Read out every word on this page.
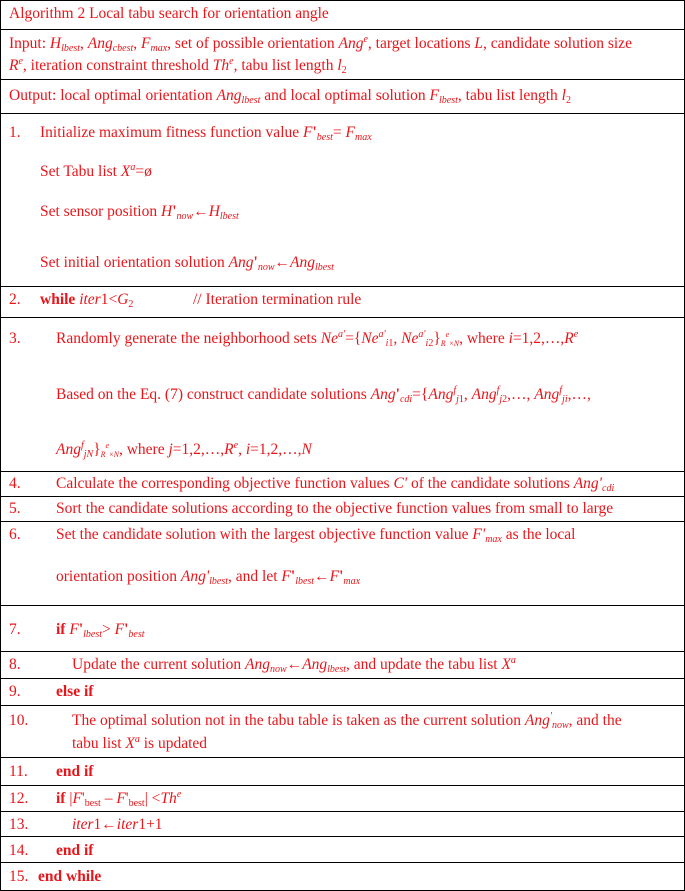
Algorithm 2 Local tabu search for orientation angle
Input: $H_{lbest}$, Ang$_{cbest}$, $F_{max}$, set of possible orientation Ang$^e$, target locations L, candidate solution size
$R^e$, iteration constraint threshold Th$^e$, tabu list length $l_2$
Output: local optimal orientation Ang$_{lbest}$ and local optimal solution $F_{lbest}$, tabu list length $l_2$
1. Initialize maximum fitness function value $F'_{best}= F_{max}$
Set Tabu list $X^a=ø$
Set sensor position $H'_{now}\leftarrow H_{lbest}$
Set initial orientation solution $Ang'_{now}\leftarrow Ang_{lbest}$
2. while $iter1<G_2$	// Iteration termination rule
3. Randomly generate the neighborhood sets $Ne^{a'}=\{Ne^{a'}_{i1}$, $Ne^{a'}_{i2}\}_R^e_{\times N}$, where $i=1,2,\dots,R^e$
Based on the Eq. (7) construct candidate solutions $Ang'_{cdi}=\{Ang^f_{j1}$, Ang$^f_{j2}$,…, Ang$^f_{ji}$,…,
$Ang^f_{jN}\}_R^e_{\times N}$, where $j=1,2,\dots,R^e$, i=1,2,…,N
4. Calculate the corresponding objective function values C' of the candidate solutions $Ang'_{cdi}$
5. Sort the candidate solutions according to the objective function values from small to large
6. Set the candidate solution with the largest objective function value $F'_{max}$ as the local
orientation position $Ang'_{lbest}$, and let $F'_{lbest}\leftarrow F'_{max}$
7. if $F'_{lbest}> F'_{best}$
8.	Update the current solution Ang$_{now}$←Ang$_{lbest}$, and update the tabu list $X^a$
9. else if
10.	The optimal solution not in the tabu table is taken as the current solution Ang'$_{now}$, and the
tabu list $X^a$ is updated
11. end if
12. if $|F'_{best} - F'_{best}| <Th^e$
13.	iter1←iter1+1
14. end if
15. end while
